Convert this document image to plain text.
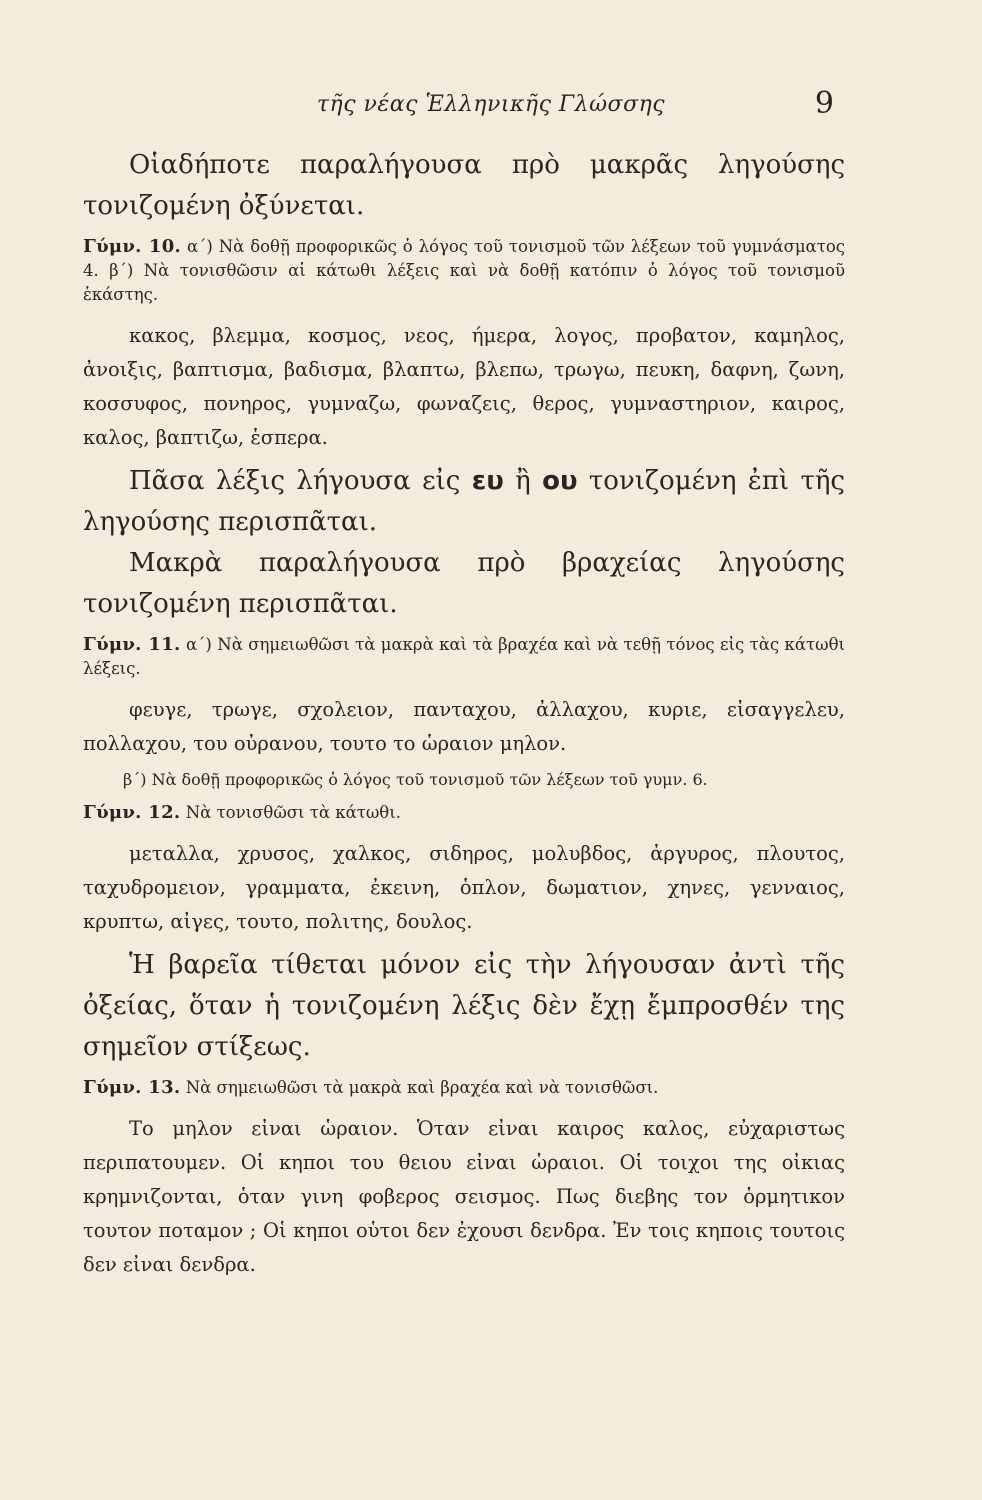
τῆς νέας Ἑλληνικῆς Γλώσσης	9

Οἱαδήποτε παραλήγουσα πρὸ μακρᾶς ληγούσης τονιζομένη ὀξύνεται.

Γύμν. 10. α΄) Νὰ δοθῇ προφορικῶς ὁ λόγος τοῦ τονισμοῦ τῶν λέξεων τοῦ γυμνάσματος 4. β΄) Νὰ τονισθῶσιν αἱ κάτωθι λέξεις καὶ νὰ δοθῇ κατόπιν ὁ λόγος τοῦ τονισμοῦ ἑκάστης.

κακος, βλεμμα, κοσμος, νεος, ήμερα, λογος, προβατον, καμηλος, ἀνοιξις, βαπτισμα, βαδισμα, βλαπτω, βλεπω, τρωγω, πευκη, δαφνη, ζωνη, κοσσυφος, πονηρος, γυμναζω, φωναζεις, θερος, γυμναστηριον, καιρος, καλος, βαπτιζω, ἑσπερα.

Πᾶσα λέξις λήγουσα εἰς ευ ἢ ου τονιζομένη ἐπὶ τῆς ληγούσης περισπᾶται.

Μακρὰ παραλήγουσα πρὸ βραχείας ληγούσης τονιζομένη περισπᾶται.

Γύμν. 11. α΄) Νὰ σημειωθῶσι τὰ μακρὰ καὶ τὰ βραχέα καὶ νὰ τεθῇ τόνος εἰς τὰς κάτωθι λέξεις.

φευγε, τρωγε, σχολειον, πανταχου, ἀλλαχου, κυριε, εἰσαγγελευ, πολλαχου, του οὐρανου, τουτο το ὡραιον μηλον.

β΄) Νὰ δοθῇ προφορικῶς ὁ λόγος τοῦ τονισμοῦ τῶν λέξεων τοῦ γυμν. 6.

Γύμν. 12. Νὰ τονισθῶσι τὰ κάτωθι.

μεταλλα, χρυσος, χαλκος, σιδηρος, μολυβδος, ἀργυρος, πλουτος, ταχυδρομειον, γραμματα, ἐκεινη, ὁπλον, δωματιον, χηνες, γενναιος, κρυπτω, αἰγες, τουτο, πολιτης, δουλος.

Ἡ βαρεῖα τίθεται μόνον εἰς τὴν λήγουσαν ἀντὶ τῆς ὀξείας, ὅταν ἡ τονιζομένη λέξις δὲν ἔχῃ ἔμπροσθέν της σημεῖον στίξεως.

Γύμν. 13. Νὰ σημειωθῶσι τὰ μακρὰ καὶ βραχέα καὶ νὰ τονισθῶσι.

Το μηλον εἰναι ὡραιον. Ὁταν εἰναι καιρος καλος, εὐχαριστως περιπατουμεν. Οἱ κηποι του θειου εἰναι ὡραιοι. Οἱ τοιχοι της οἰκιας κρημνιζονται, ὁταν γινη φοβερος σεισμος. Πως διεβης τον ὁρμητικον τουτον ποταμον ; Οἱ κηποι οὑτοι δεν ἐχουσι δενδρα. Ἐν τοις κηποις τουτοις δεν εἰναι δενδρα.
